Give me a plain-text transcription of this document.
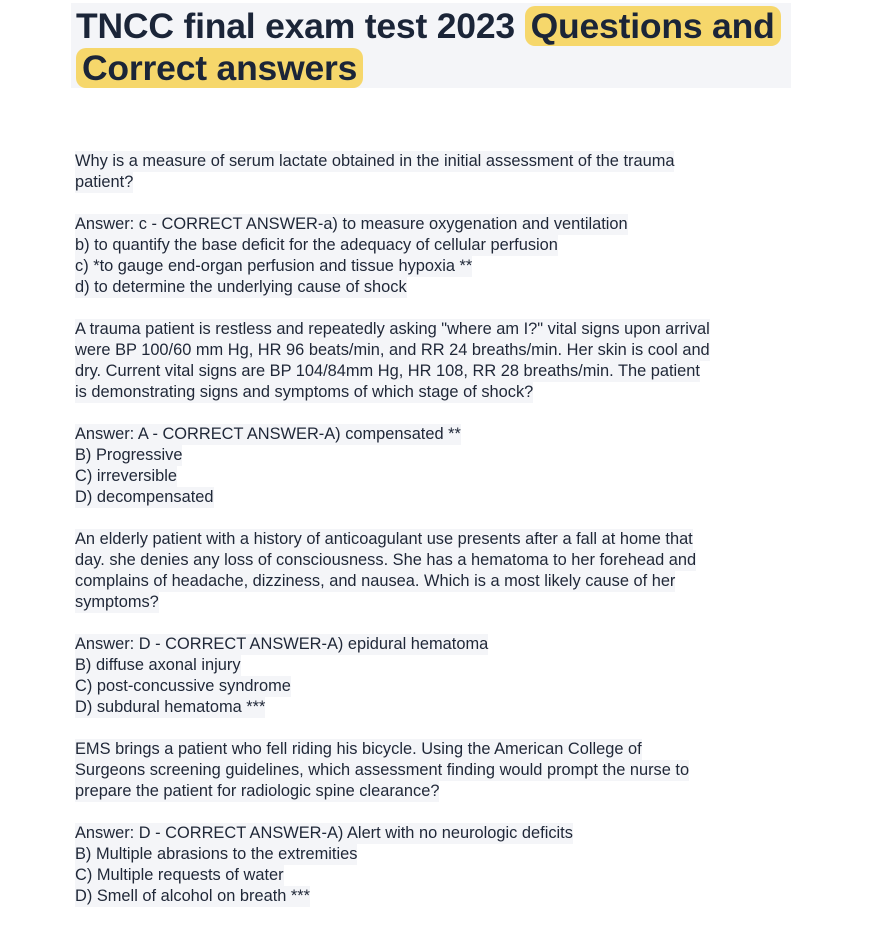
TNCC final exam test 2023 Questions and Correct answers
Why is a measure of serum lactate obtained in the initial assessment of the trauma
patient?
Answer: c - CORRECT ANSWER-a) to measure oxygenation and ventilation
b) to quantify the base deficit for the adequacy of cellular perfusion
c) *to gauge end-organ perfusion and tissue hypoxia **
d) to determine the underlying cause of shock
A trauma patient is restless and repeatedly asking "where am I?" vital signs upon arrival
were BP 100/60 mm Hg, HR 96 beats/min, and RR 24 breaths/min. Her skin is cool and
dry. Current vital signs are BP 104/84mm Hg, HR 108, RR 28 breaths/min. The patient
is demonstrating signs and symptoms of which stage of shock?
Answer: A - CORRECT ANSWER-A) compensated **
B) Progressive
C) irreversible
D) decompensated
An elderly patient with a history of anticoagulant use presents after a fall at home that
day. she denies any loss of consciousness. She has a hematoma to her forehead and
complains of headache, dizziness, and nausea. Which is a most likely cause of her
symptoms?
Answer: D - CORRECT ANSWER-A) epidural hematoma
B) diffuse axonal injury
C) post-concussive syndrome
D) subdural hematoma ***
EMS brings a patient who fell riding his bicycle. Using the American College of
Surgeons screening guidelines, which assessment finding would prompt the nurse to
prepare the patient for radiologic spine clearance?
Answer: D - CORRECT ANSWER-A) Alert with no neurologic deficits
B) Multiple abrasions to the extremities
C) Multiple requests of water
D) Smell of alcohol on breath ***
